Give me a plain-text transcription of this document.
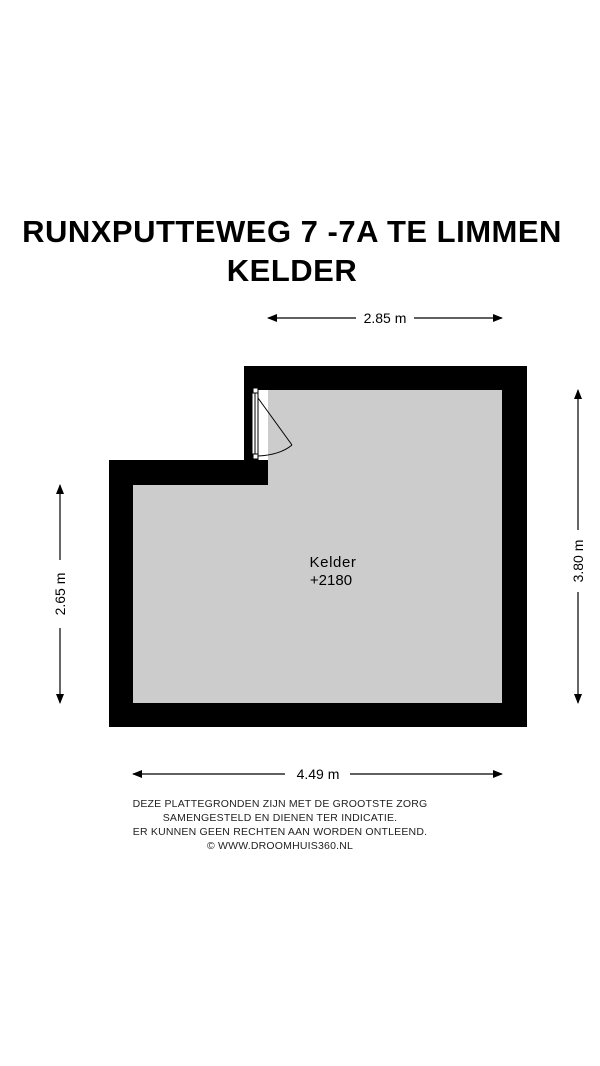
RUNXPUTTEWEG 7 -7A TE LIMMEN
KELDER
2.85 m
4.49 m
2.65 m
3.80 m
Kelder
+2180
DEZE PLATTEGRONDEN ZIJN MET DE GROOTSTE ZORG
SAMENGESTELD EN DIENEN TER INDICATIE.
ER KUNNEN GEEN RECHTEN AAN WORDEN ONTLEEND.
© WWW.DROOMHUIS360.NL
